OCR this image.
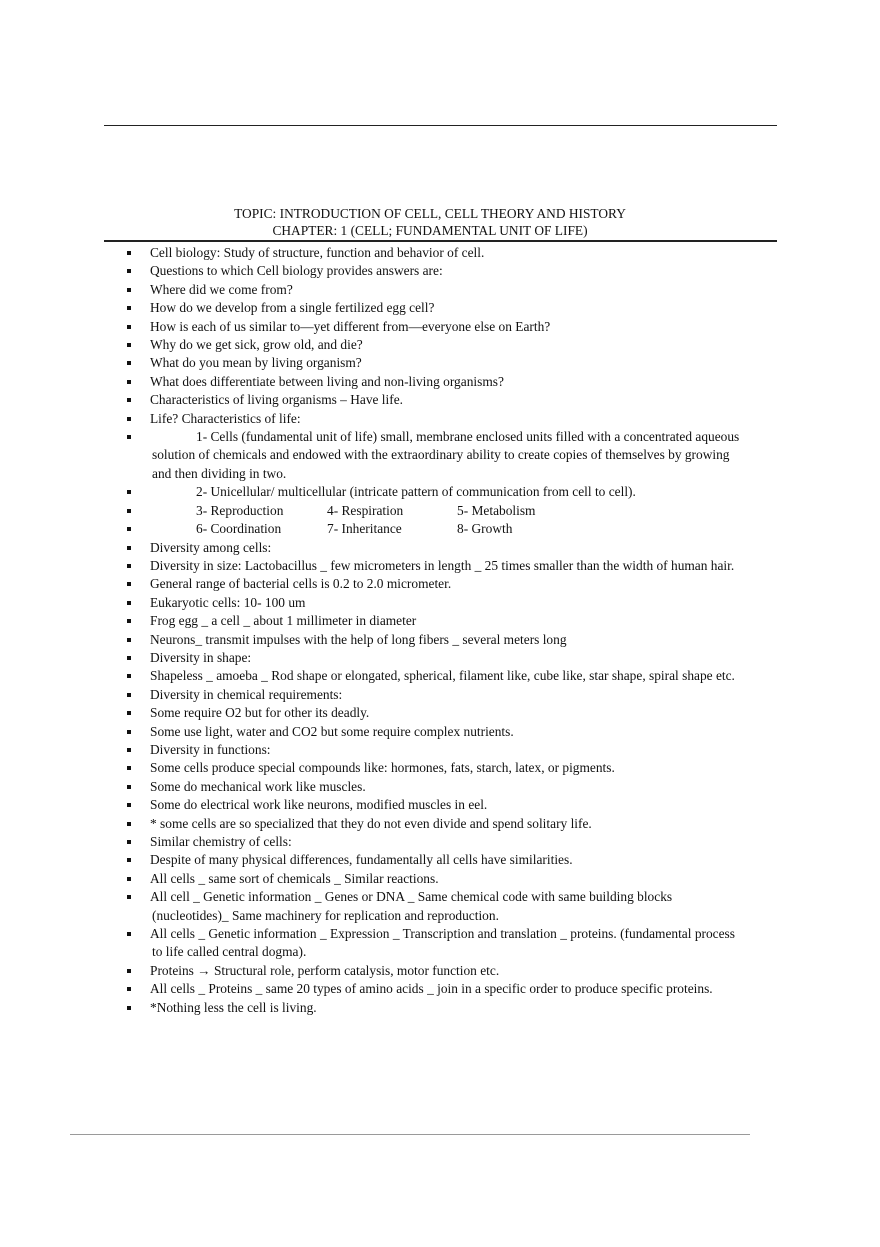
TOPIC: INTRODUCTION OF CELL, CELL THEORY AND HISTORY
CHAPTER: 1 (CELL; FUNDAMENTAL UNIT OF LIFE)
Cell biology: Study of structure, function and behavior of cell.
Questions to which Cell biology provides answers are:
Where did we come from?
How do we develop from a single fertilized egg cell?
How is each of us similar to—yet different from—everyone else on Earth?
Why do we get sick, grow old, and die?
What do you mean by living organism?
What does differentiate between living and non-living organisms?
Characteristics of living organisms – Have life.
Life? Characteristics of life:
1- Cells (fundamental unit of life) small, membrane enclosed units filled with a concentrated aqueous solution of chemicals and endowed with the extraordinary ability to create copies of themselves by growing and then dividing in two.
2- Unicellular/ multicellular (intricate pattern of communication from cell to cell).
3- Reproduction	4- Respiration	5- Metabolism
6- Coordination	7- Inheritance	8- Growth
Diversity among cells:
Diversity in size: Lactobacillus _ few micrometers in length _ 25 times smaller than the width of human hair.
General range of bacterial cells is 0.2 to 2.0 micrometer.
Eukaryotic cells: 10- 100 um
Frog egg _ a cell _ about 1 millimeter in diameter
Neurons_ transmit impulses with the help of long fibers _ several meters long
Diversity in shape:
Shapeless _ amoeba _ Rod shape or elongated, spherical, filament like, cube like, star shape, spiral shape etc.
Diversity in chemical requirements:
Some require O2 but for other its deadly.
Some use light, water and CO2 but some require complex nutrients.
Diversity in functions:
Some cells produce special compounds like: hormones, fats, starch, latex, or pigments.
Some do mechanical work like muscles.
Some do electrical work like neurons, modified muscles in eel.
* some cells are so specialized that they do not even divide and spend solitary life.
Similar chemistry of cells:
Despite of many physical differences, fundamentally all cells have similarities.
All cells _ same sort of chemicals _ Similar reactions.
All cell _ Genetic information _ Genes or DNA _ Same chemical code with same building blocks (nucleotides)_ Same machinery for replication and reproduction.
All cells _ Genetic information _ Expression _ Transcription and translation _ proteins. (fundamental process to life called central dogma).
Proteins → Structural role, perform catalysis, motor function etc.
All cells _ Proteins _ same 20 types of amino acids _ join in a specific order to produce specific proteins.
*Nothing less the cell is living.
